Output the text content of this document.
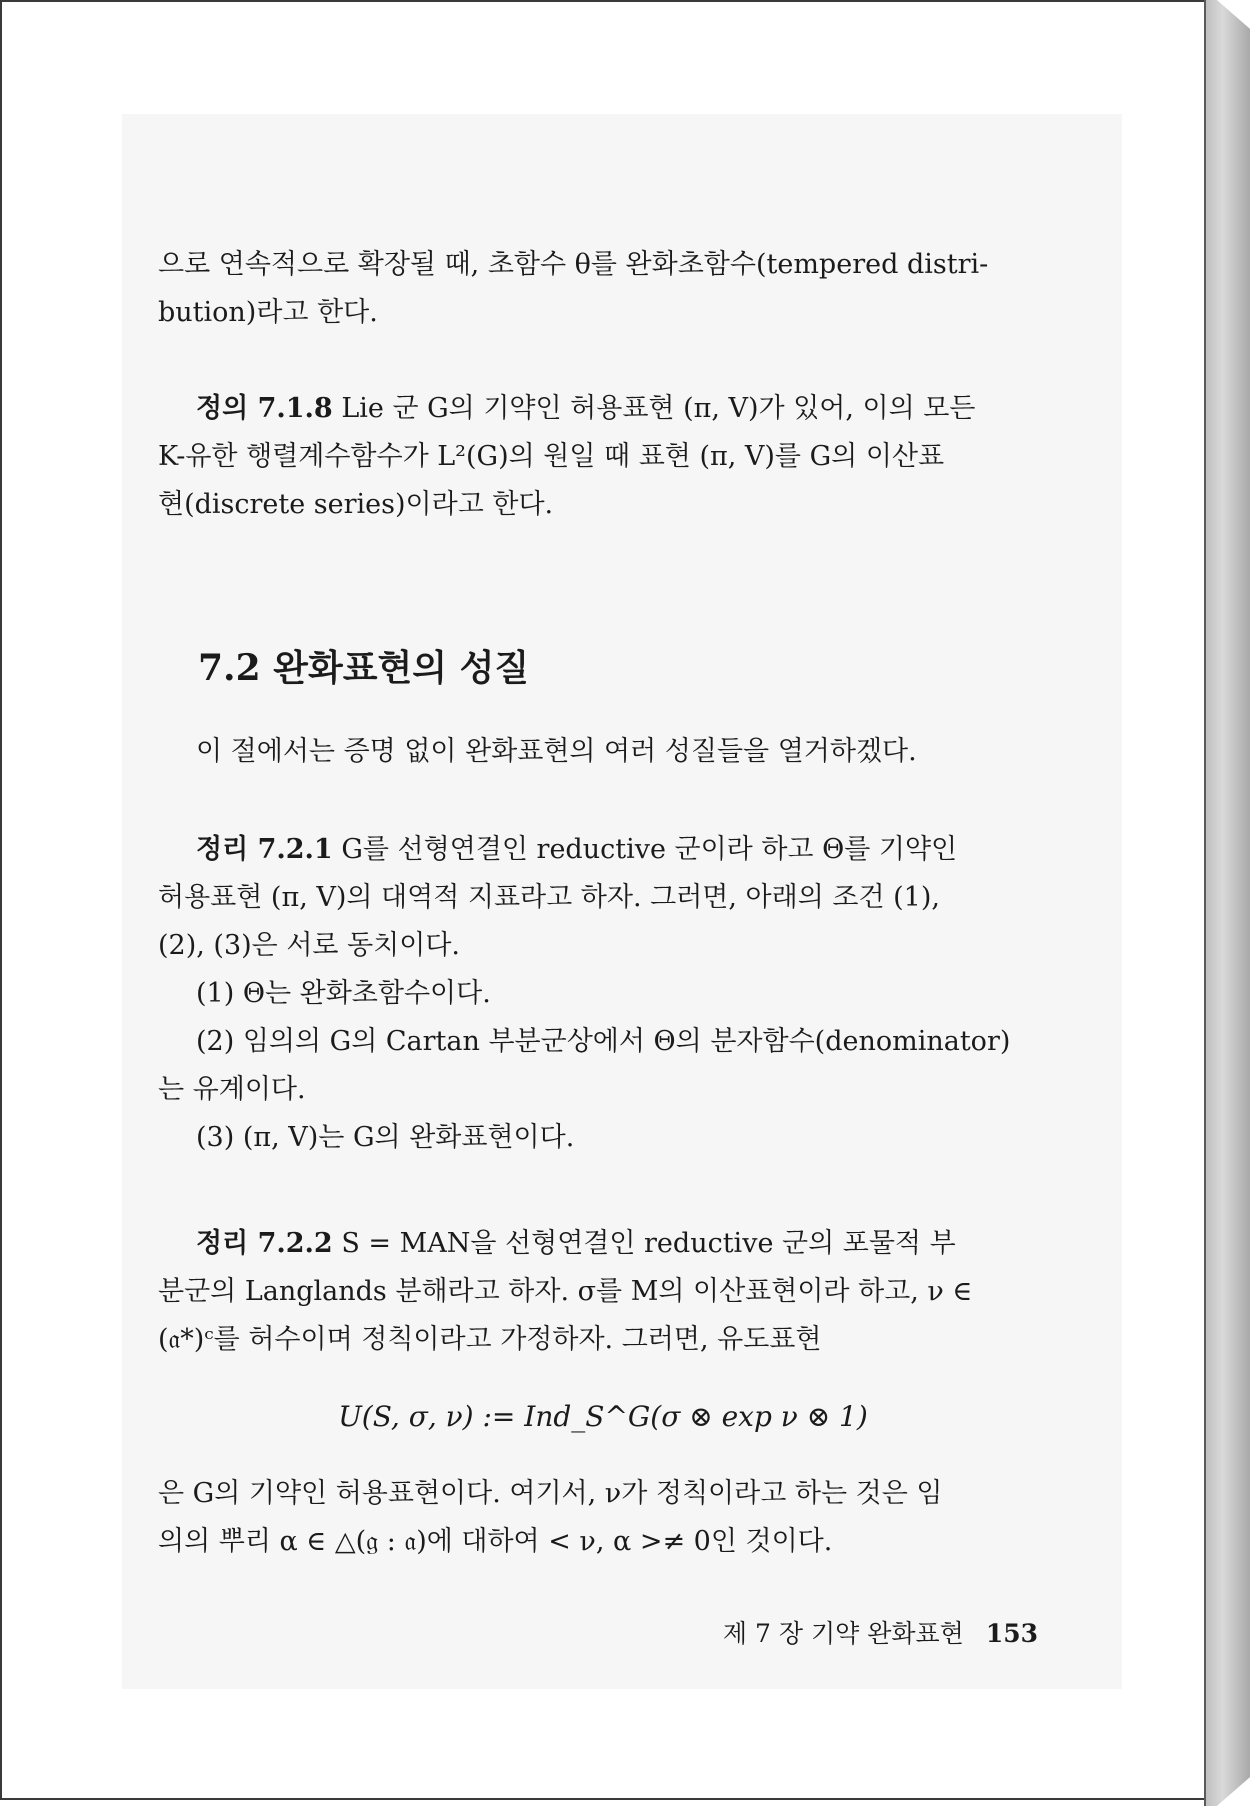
으로 연속적으로 확장될 때, 초함수 θ를 완화초함수(tempered distri-

bution)라고 한다.

정의 7.1.8 Lie 군 G의 기약인 허용표현 (π, V)가 있어, 이의 모든

K-유한 행렬계수함수가 L²(G)의 원일 때 표현 (π, V)를 G의 이산표

현(discrete series)이라고 한다.

7.2 완화표현의 성질

이 절에서는 증명 없이 완화표현의 여러 성질들을 열거하겠다.

정리 7.2.1 G를 선형연결인 reductive 군이라 하고 Θ를 기약인

허용표현 (π, V)의 대역적 지표라고 하자. 그러면, 아래의 조건 (1),

(2), (3)은 서로 동치이다.

(1) Θ는 완화초함수이다.

(2) 임의의 G의 Cartan 부분군상에서 Θ의 분자함수(denominator)

는 유계이다.

(3) (π, V)는 G의 완화표현이다.

정리 7.2.2 S = MAN을 선형연결인 reductive 군의 포물적 부

분군의 Langlands 분해라고 하자. σ를 M의 이산표현이라 하고, ν ∈

(𝔞*)ᶜ를 허수이며 정칙이라고 가정하자. 그러면, 유도표현

U(S, σ, ν) := Ind_S^G(σ ⊗ exp ν ⊗ 1)

은 G의 기약인 허용표현이다. 여기서, ν가 정칙이라고 하는 것은 임

의의 뿌리 α ∈ △(𝔤 : 𝔞)에 대하여 < ν, α >≠ 0인 것이다.

제 7 장 기약 완화표현 153
